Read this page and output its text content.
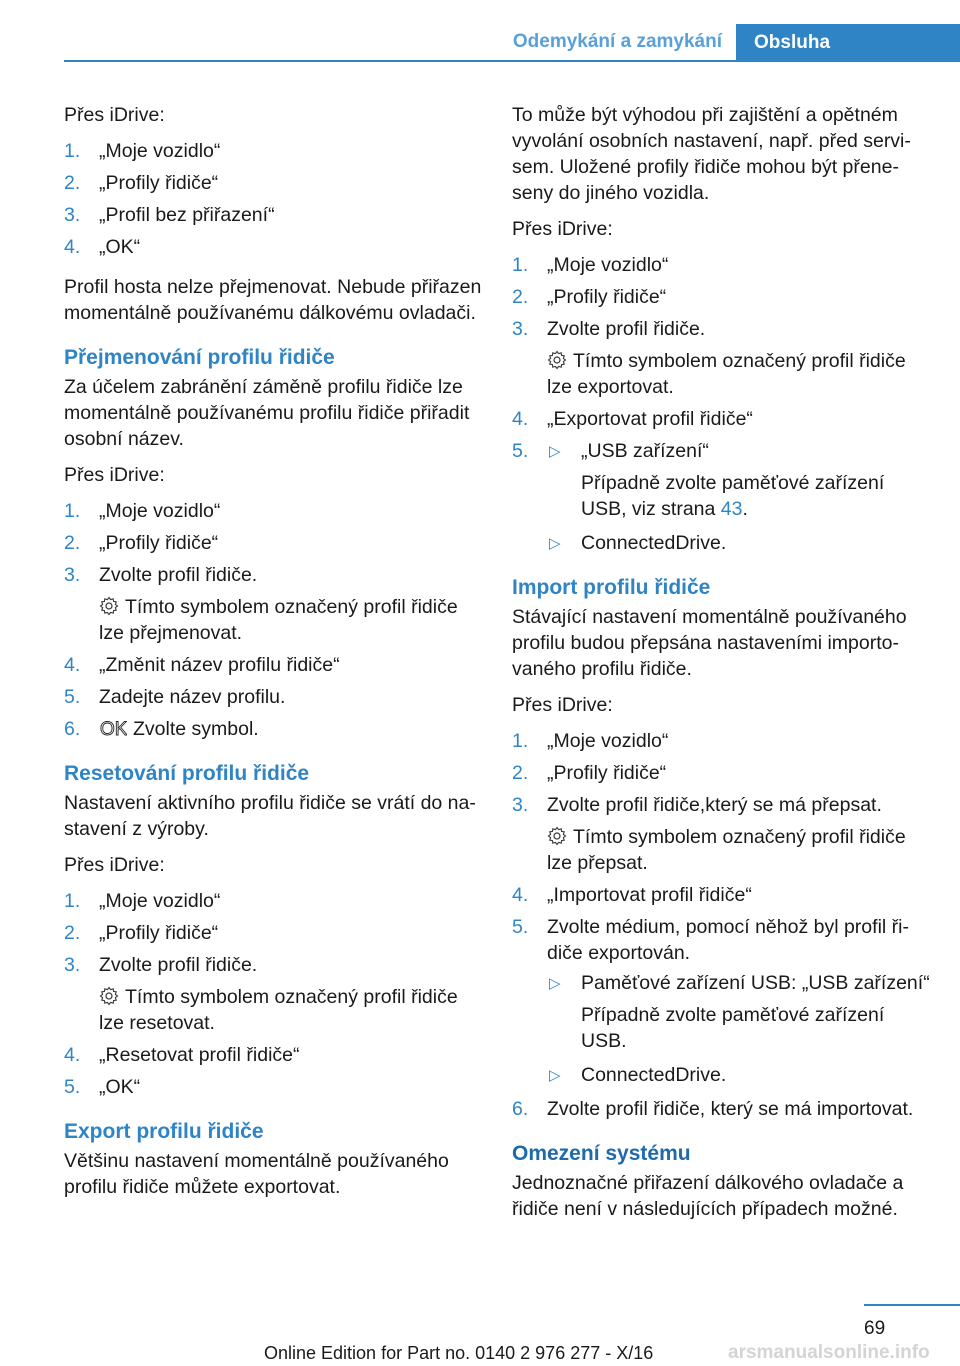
Odemykání a zamykání	Obsluha

Přes iDrive:

1. „Moje vozidlo“
2. „Profily řidiče“
3. „Profil bez přiřazení“
4. „OK“

Profil hosta nelze přejmenovat. Nebude přiřazen momentálně používanému dálkovému ovladači.

Přejmenování profilu řidiče

Za účelem zabránění záměně profilu řidiče lze momentálně používanému profilu řidiče přiřadit osobní název.

Přes iDrive:

1. „Moje vozidlo“
2. „Profily řidiče“
3. Zvolte profil řidiče.
Tímto symbolem označený profil řidiče lze přejmenovat.
4. „Změnit název profilu řidiče“
5. Zadejte název profilu.
6. OK Zvolte symbol.
Resetování profilu řidiče

Nastavení aktivního profilu řidiče se vrátí do nastavení z výroby.

Přes iDrive:

1. „Moje vozidlo“
2. „Profily řidiče“
3. Zvolte profil řidiče.
Tímto symbolem označený profil řidiče lze resetovat.
4. „Resetovat profil řidiče“
5. „OK“
Export profilu řidiče

Většinu nastavení momentálně používaného profilu řidiče můžete exportovat.

To může být výhodou při zajištění a opětném vyvolání osobních nastavení, např. před servisem. Uložené profily řidiče mohou být přeneseny do jiného vozidla.

Přes iDrive:

1. „Moje vozidlo“
2. „Profily řidiče“
3. Zvolte profil řidiče.
Tímto symbolem označený profil řidiče lze exportovat.
4. „Exportovat profil řidiče“
5. ▷ „USB zařízení“
Případně zvolte paměťové zařízení USB, viz strana 43.
▷ ConnectedDrive.
Import profilu řidiče

Stávající nastavení momentálně používaného profilu budou přepsána nastaveními importovaného profilu řidiče.

Přes iDrive:

1. „Moje vozidlo“
2. „Profily řidiče“
3. Zvolte profil řidiče,který se má přepsat.
Tímto symbolem označený profil řidiče lze přepsat.
4. „Importovat profil řidiče“
5. Zvolte médium, pomocí něhož byl profil řidiče exportován.
▷ Paměťové zařízení USB: „USB zařízení“
Případně zvolte paměťové zařízení USB.
▷ ConnectedDrive.
6. Zvolte profil řidiče, který se má importovat.
Omezení systému

Jednoznačné přiřazení dálkového ovladače a řidiče není v následujících případech možné.

69
Online Edition for Part no. 0140 2 976 277 - X/16	arsmanualsonline.info
